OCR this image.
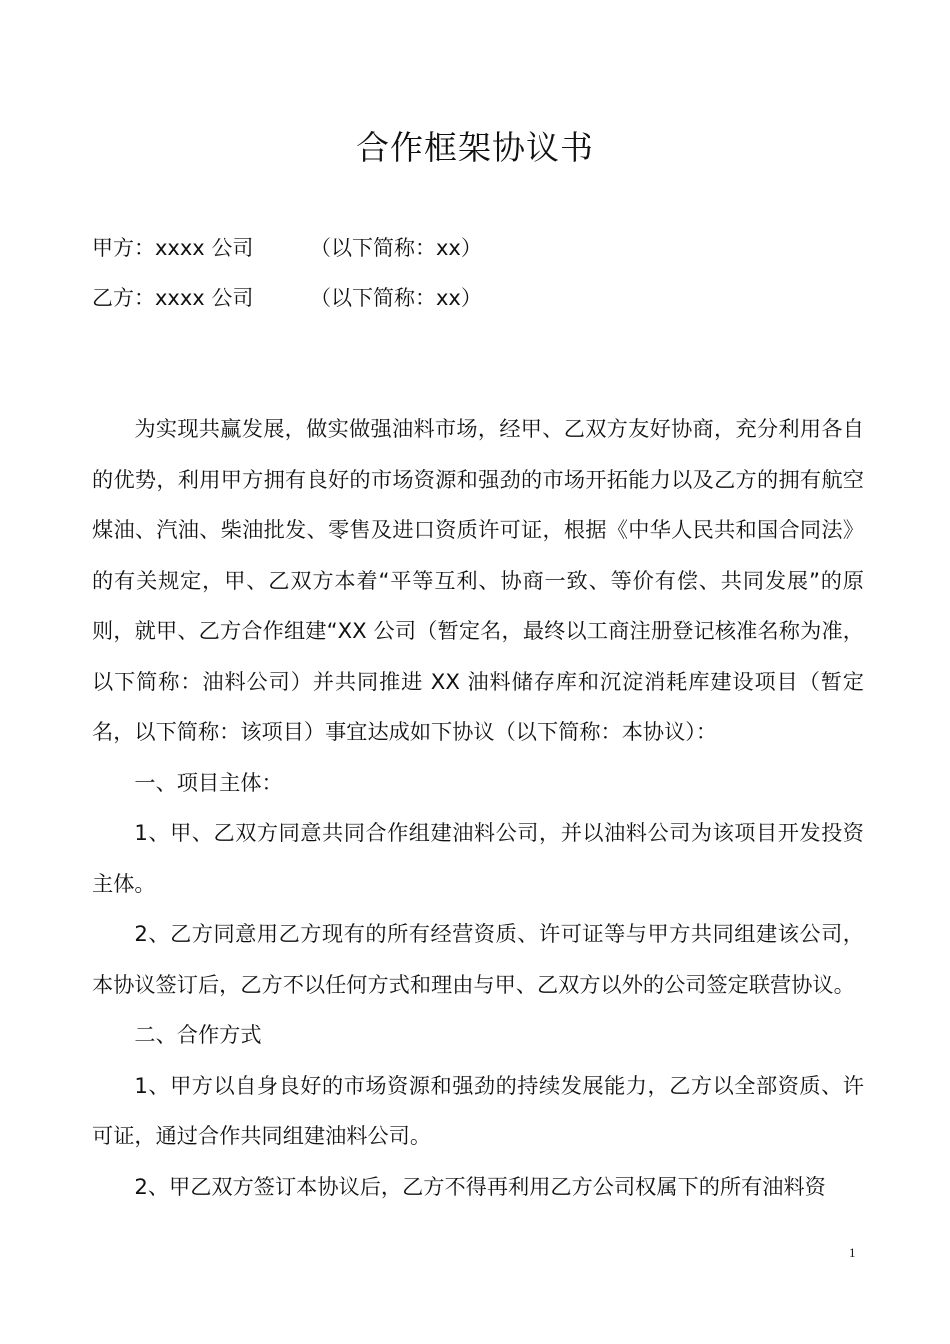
合作框架协议书
甲方：xxxx 公司	（以下简称：xx）
乙方：xxxx 公司	（以下简称：xx）

为实现共赢发展，做实做强油料市场，经甲、乙双方友好协商，充分利用各自的优势，利用甲方拥有良好的市场资源和强劲的市场开拓能力以及乙方的拥有航空煤油、汽油、柴油批发、零售及进口资质许可证，根据《中华人民共和国合同法》的有关规定，甲、乙双方本着“平等互利、协商一致、等价有偿、共同发展”的原则，就甲、乙方合作组建“XX 公司（暂定名，最终以工商注册登记核准名称为准，以下简称：油料公司）并共同推进 XX 油料储存库和沉淀消耗库建设项目（暂定名，以下简称：该项目）事宜达成如下协议（以下简称：本协议）：

一、项目主体：

1、甲、乙双方同意共同合作组建油料公司，并以油料公司为该项目开发投资主体。

2、乙方同意用乙方现有的所有经营资质、许可证等与甲方共同组建该公司，本协议签订后，乙方不以任何方式和理由与甲、乙双方以外的公司签定联营协议。

二、合作方式

1、甲方以自身良好的市场资源和强劲的持续发展能力，乙方以全部资质、许可证，通过合作共同组建油料公司。

2、甲乙双方签订本协议后，乙方不得再利用乙方公司权属下的所有油料资

1
